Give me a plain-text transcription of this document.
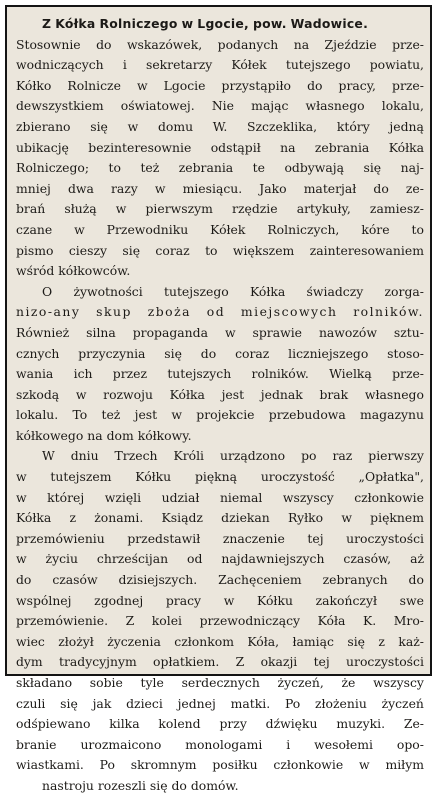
Z Kółka Rolniczego w Lgocie, pow. Wadowice.
Stosownie do wskazówek, podanych na Zjeździe prze-
wodniczących i sekretarzy Kółek tutejszego powiatu,
Kółko Rolnicze w Lgocie przystąpiło do pracy, prze-
dewszystkiem oświatowej. Nie mając własnego lokalu,
zbierano się w domu W. Szczeklika, który jedną
ubikację bezinteresownie odstąpił na zebrania Kółka
Rolniczego; to też zebrania te odbywają się naj-
mniej dwa razy w miesiącu. Jako materjał do ze-
brań służą w pierwszym rzędzie artykuły, zamiesz-
czane w Przewodniku Kółek Rolniczych, kóre to
pismo cieszy się coraz to większem zainteresowaniem
wśród kółkowców.
O żywotności tutejszego Kółka świadczy zorga-
nizo-any skup zboża od miejscowych rolników.
Również silna propaganda w sprawie nawozów sztu-
cznych przyczynia się do coraz liczniejszego stoso-
wania ich przez tutejszych rolników. Wielką prze-
szkodą w rozwoju Kółka jest jednak brak własnego
lokalu. To też jest w projekcie przebudowa magazynu
kółkowego na dom kółkowy.
W dniu Trzech Króli urządzono po raz pierwszy
w tutejszem Kółku piękną uroczystość „Opłatka",
w której wzięli udział niemal wszyscy członkowie
Kółka z żonami. Ksiądz dziekan Ryłko w pięknem
przemówieniu przedstawił znaczenie tej uroczystości
w życiu chrześcijan od najdawniejszych czasów, aż
do czasów dzisiejszych. Zachęceniem zebranych do
wspólnej zgodnej pracy w Kółku zakończył swe
przemówienie. Z kolei przewodniczący Kóła K. Mro-
wiec złożył życzenia członkom Kóła, łamiąc się z każ-
dym tradycyjnym opłatkiem. Z okazji tej uroczystości
składano sobie tyle serdecznych życzeń, że wszyscy
czuli się jak dzieci jednej matki. Po złożeniu życzeń
odśpiewano kilka kolend przy dźwięku muzyki. Ze-
branie urozmaicono monologami i wesołemi opo-
wiastkami. Po skromnym posiłku członkowie w miłym
nastroju rozeszli się do domów.
